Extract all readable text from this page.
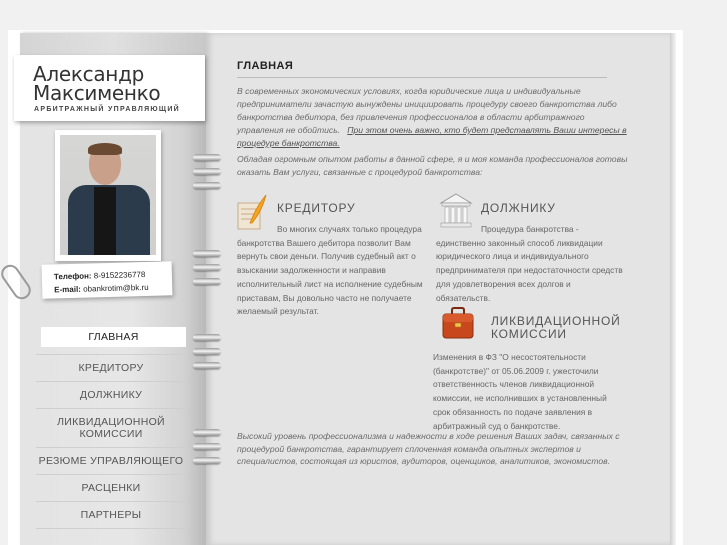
Александр
Максименко
АРБИТРАЖНЫЙ УПРАВЛЯЮЩИЙ
Телефон: 8-9152236778
E-mail: obankrotim@bk.ru
ГЛАВНАЯ
КРЕДИТОРУ
ДОЛЖНИКУ
ЛИКВИДАЦИОННОЙ КОМИССИИ
РЕЗЮМЕ УПРАВЛЯЮЩЕГО
РАСЦЕНКИ
ПАРТНЕРЫ
ГЛАВНАЯ

В современных экономических условиях, когда юридические лица и индивидуальные предприниматели зачастую вынуждены инициировать процедуру своего банкротства либо банкротства дебитора, без привлечения профессионалов в области арбитражного управления не обойтись. При этом очень важно, кто будет представлять Ваши интересы в процедуре банкротства.

Обладая огромным опытом работы в данной сфере, я и моя команда профессионалов готовы оказать Вам услуги, связанные с процедурой банкротства:

КРЕДИТОРУ
Во многих случаях только процедура банкротства Вашего дебитора позволит Вам вернуть свои деньги. Получив судебный акт о взыскании задолженности и направив исполнительный лист на исполнение судебным приставам, Вы довольно часто не получаете желаемый результат.
ДОЛЖНИКУ
Процедура банкротства - единственно законный способ ликвидации юридического лица и индивидуального предпринимателя при недостаточности средств для удовлетворения всех долгов и обязательств.
ЛИКВИДАЦИОННОЙ
КОМИССИИ
Изменения в ФЗ "О несостоятельности (банкротстве)" от 05.06.2009 г. ужесточили ответственность членов ликвидационной комиссии, не исполнивших в установленный срок обязанность по подаче заявления в арбитражный суд о банкротстве.

Высокий уровень профессионализма и надежности в ходе решения Ваших задач, связанных с процедурой банкротства, гарантирует сплоченная команда опытных экспертов и специалистов, состоящая из юристов, аудиторов, оценщиков, аналитиков, экономистов.
